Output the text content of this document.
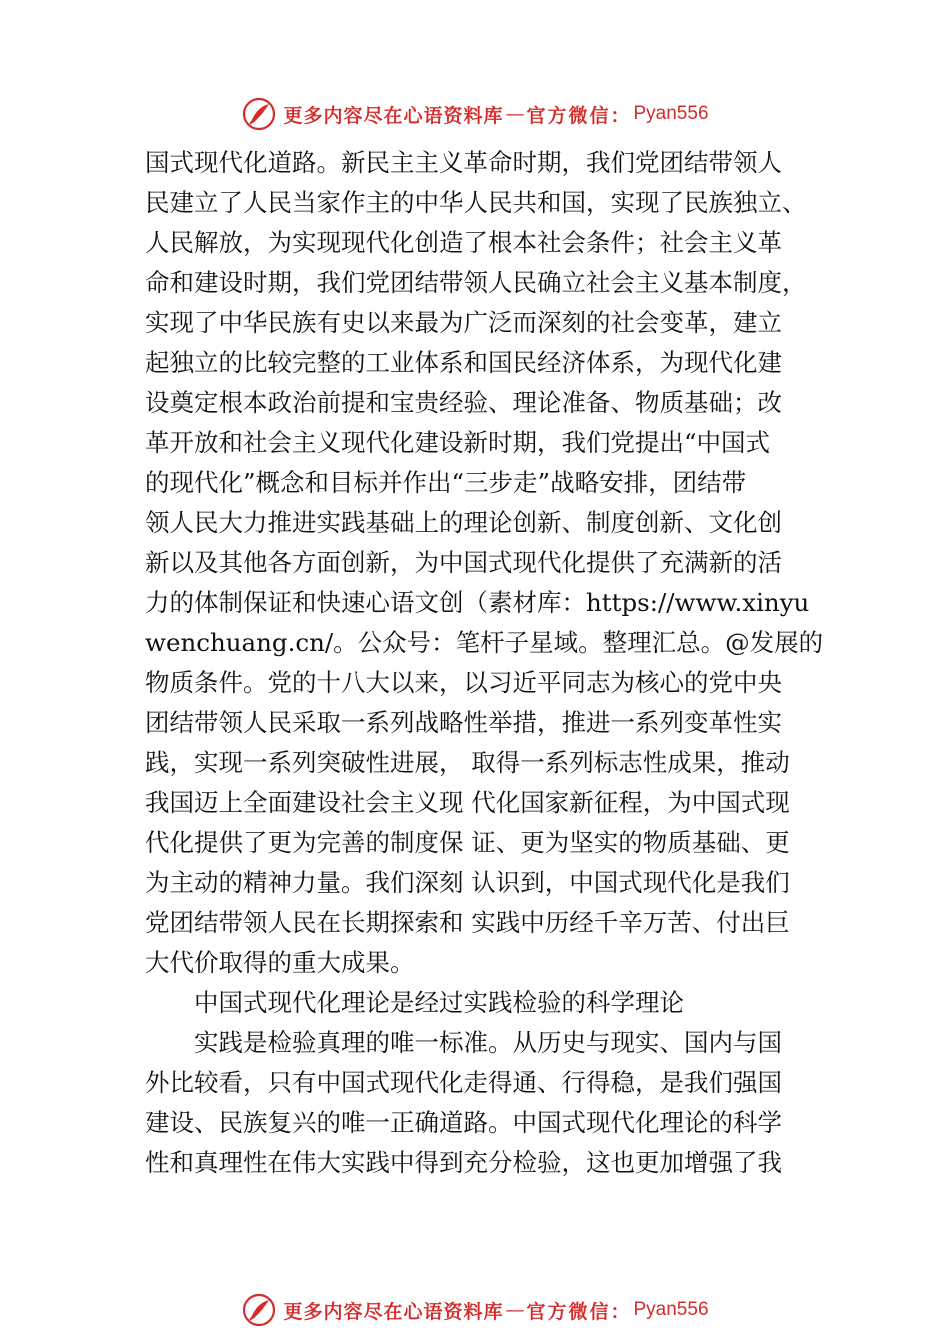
更多内容尽在心语资料库 — 官方微信： Pyan556
国式现代化道路。新民主主义革命时期，我们党团结带领人
民建立了人民当家作主的中华人民共和国，实现了民族独立、
人民解放，为实现现代化创造了根本社会条件；社会主义革
命和建设时期，我们党团结带领人民确立社会主义基本制度，
实现了中华民族有史以来最为广泛而深刻的社会变革，建立
起独立的比较完整的工业体系和国民经济体系，为现代化建
设奠定根本政治前提和宝贵经验、理论准备、物质基础；改
革开放和社会主义现代化建设新时期，我们党提出“中国式
的现代化”概念和目标并作出“三步走”战略安排，团结带
领人民大力推进实践基础上的理论创新、制度创新、文化创
新以及其他各方面创新，为中国式现代化提供了充满新的活
力的体制保证和快速心语文创（素材库：https://www.xinyu
wenchuang.cn/。公众号：笔杆子星域。整理汇总。@发展的
物质条件。党的十八大以来，以习近平同志为核心的党中央
团结带领人民采取一系列战略性举措，推进一系列变革性实
践，实现一系列突破性进展， 取得一系列标志性成果，推动
我国迈上全面建设社会主义现 代化国家新征程，为中国式现
代化提供了更为完善的制度保 证、更为坚实的物质基础、更
为主动的精神力量。我们深刻 认识到，中国式现代化是我们
党团结带领人民在长期探索和 实践中历经千辛万苦、付出巨
大代价取得的重大成果。
　　中国式现代化理论是经过实践检验的科学理论
　　实践是检验真理的唯一标准。从历史与现实、国内与国
外比较看，只有中国式现代化走得通、行得稳，是我们强国
建设、民族复兴的唯一正确道路。中国式现代化理论的科学
性和真理性在伟大实践中得到充分检验，这也更加增强了我
更多内容尽在心语资料库 — 官方微信： Pyan556
